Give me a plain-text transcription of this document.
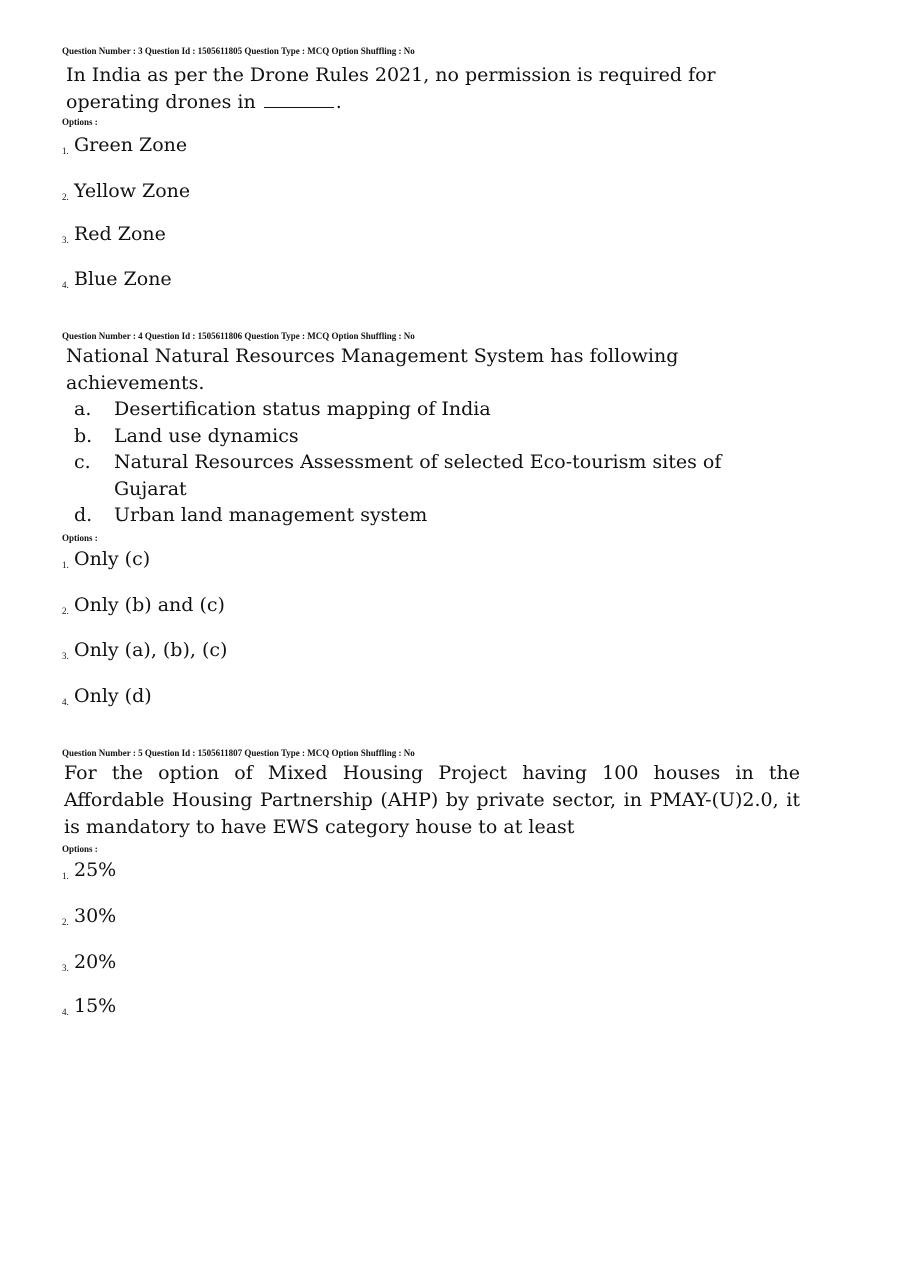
Question Number : 3 Question Id : 1505611805 Question Type : MCQ Option Shuffling : No
In India as per the Drone Rules 2021, no permission is required for
operating drones in	.
Options :
1. Green Zone
2. Yellow Zone
3. Red Zone
4. Blue Zone
Question Number : 4 Question Id : 1505611806 Question Type : MCQ Option Shuffling : No
National Natural Resources Management System has following
achievements.
a.	Desertification status mapping of India
b.	Land use dynamics
c.	Natural Resources Assessment of selected Eco-tourism sites of
Gujarat
d.	Urban land management system
Options :
1. Only (c)
2. Only (b) and (c)
3. Only (a), (b), (c)
4. Only (d)
Question Number : 5 Question Id : 1505611807 Question Type : MCQ Option Shuffling : No
For the option of Mixed Housing Project having 100 houses in the Affordable Housing Partnership (AHP) by private sector, in PMAY-(U)2.0, it is mandatory to have EWS category house to at least
Options :
1. 25%
2. 30%
3. 20%
4. 15%
